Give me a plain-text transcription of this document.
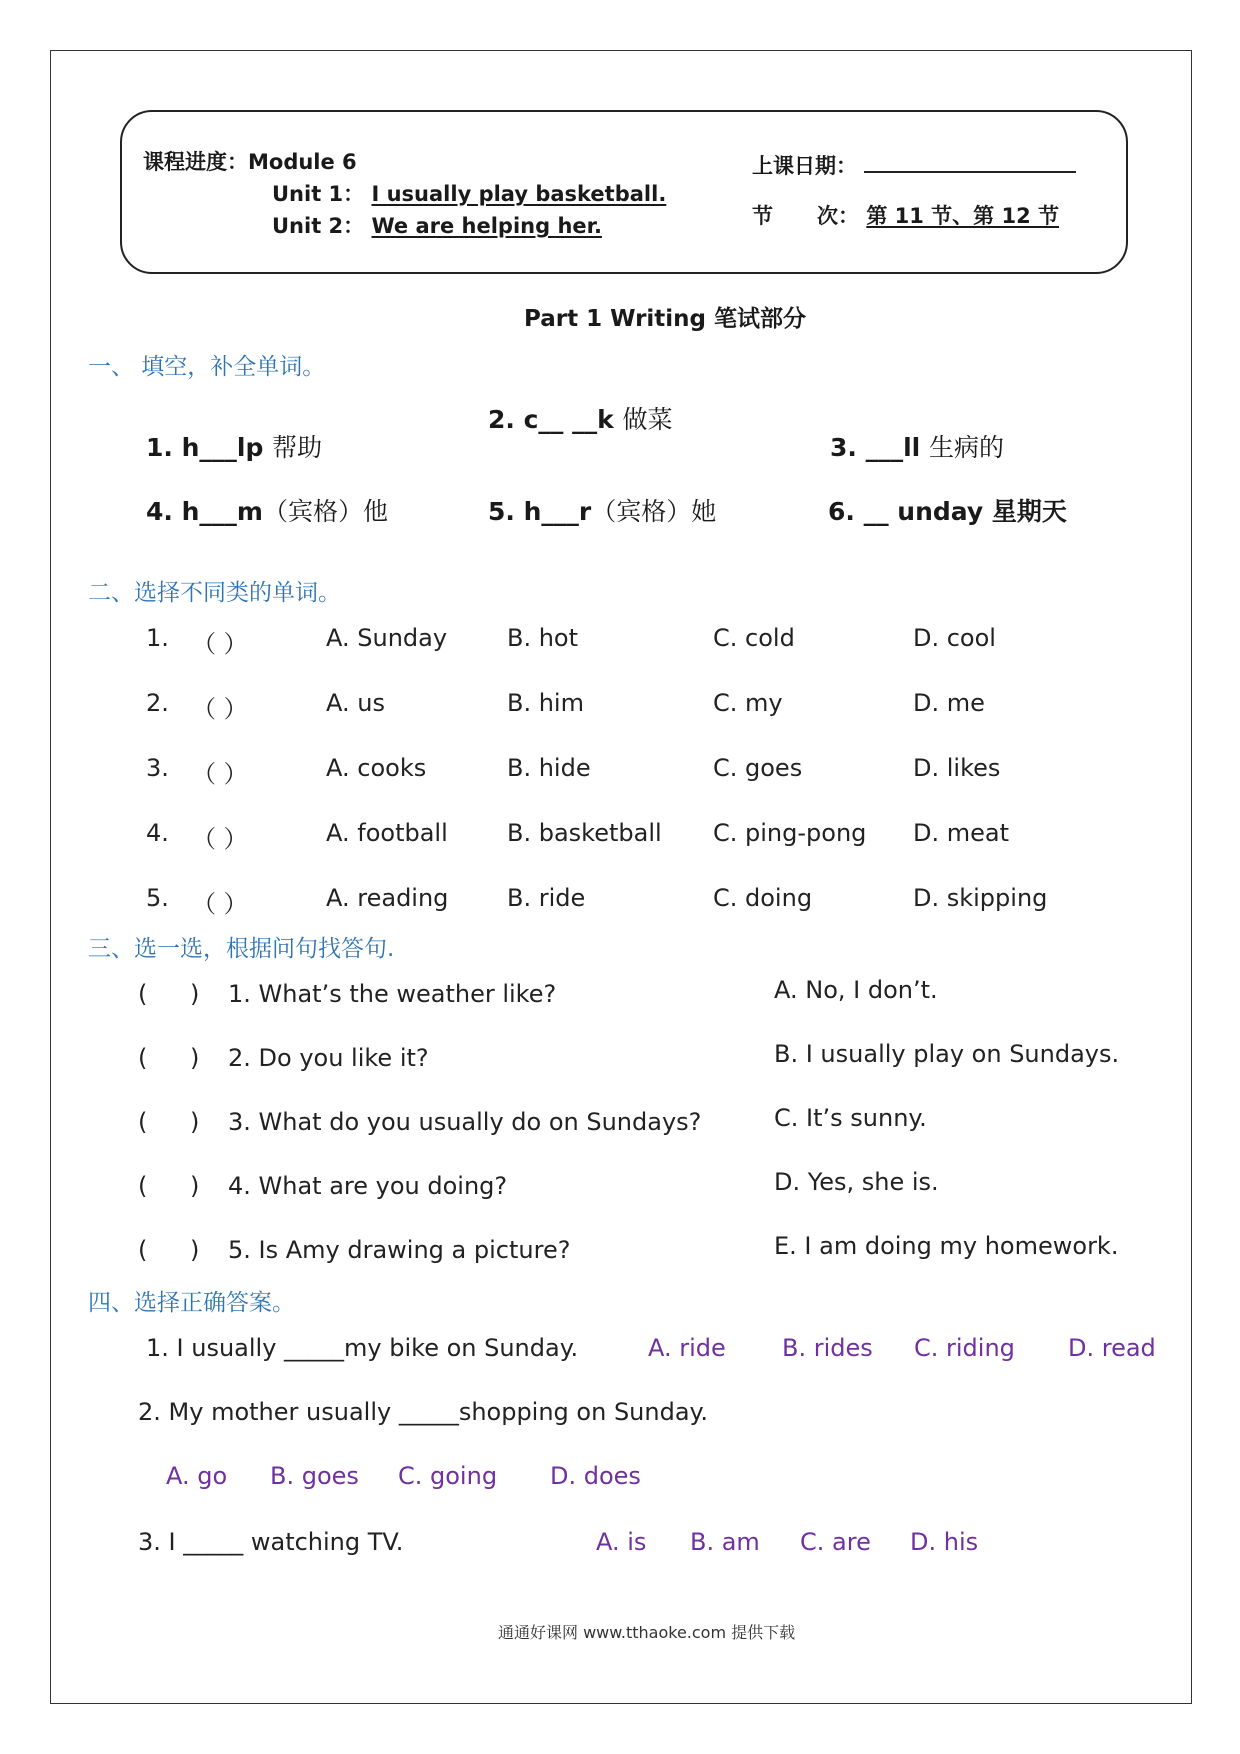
课程进度：Module 6
Unit 1： I usually play basketball.
Unit 2： We are helping her.
上课日期：
节 次： 第 11 节、第 12 节
Part 1 Writing 笔试部分
一、 填空，补全单词。
1. h___lp 帮助
2. c__ __k 做菜
3. ___ll 生病的
4. h___m（宾格）他	5. h___r（宾格）她	6. __ unday 星期天
二、选择不同类的单词。
1. （ ）	A. Sunday B. hot	C. cold	D. cool
2. （ ）	A. us	B. him	C. my	D. me
3. （ ）	A. cooks	B. hide	C. goes	D. likes
4. （ ）	A. football B. basketball C. ping-pong D. meat
5. （ ）	A. reading B. ride	C. doing	D. skipping
三、选一选，根据问句找答句.
( ) 1. What’s the weather like?	A. No, I don’t.
( ) 2. Do you like it?	B. I usually play on Sundays.
( ) 3. What do you usually do on Sundays?	C. It’s sunny.
( ) 4. What are you doing?	D. Yes, she is.
( ) 5. Is Amy drawing a picture?	E. I am doing my homework.
四、选择正确答案。
1. I usually _____my bike on Sunday.	A. ride B. rides C. riding D. read
2. My mother usually _____shopping on Sunday.
A. go B. goes C. going D. does
3. I _____ watching TV.	A. is B. am C. are D. his
通通好课网 www.tthaoke.com 提供下载
